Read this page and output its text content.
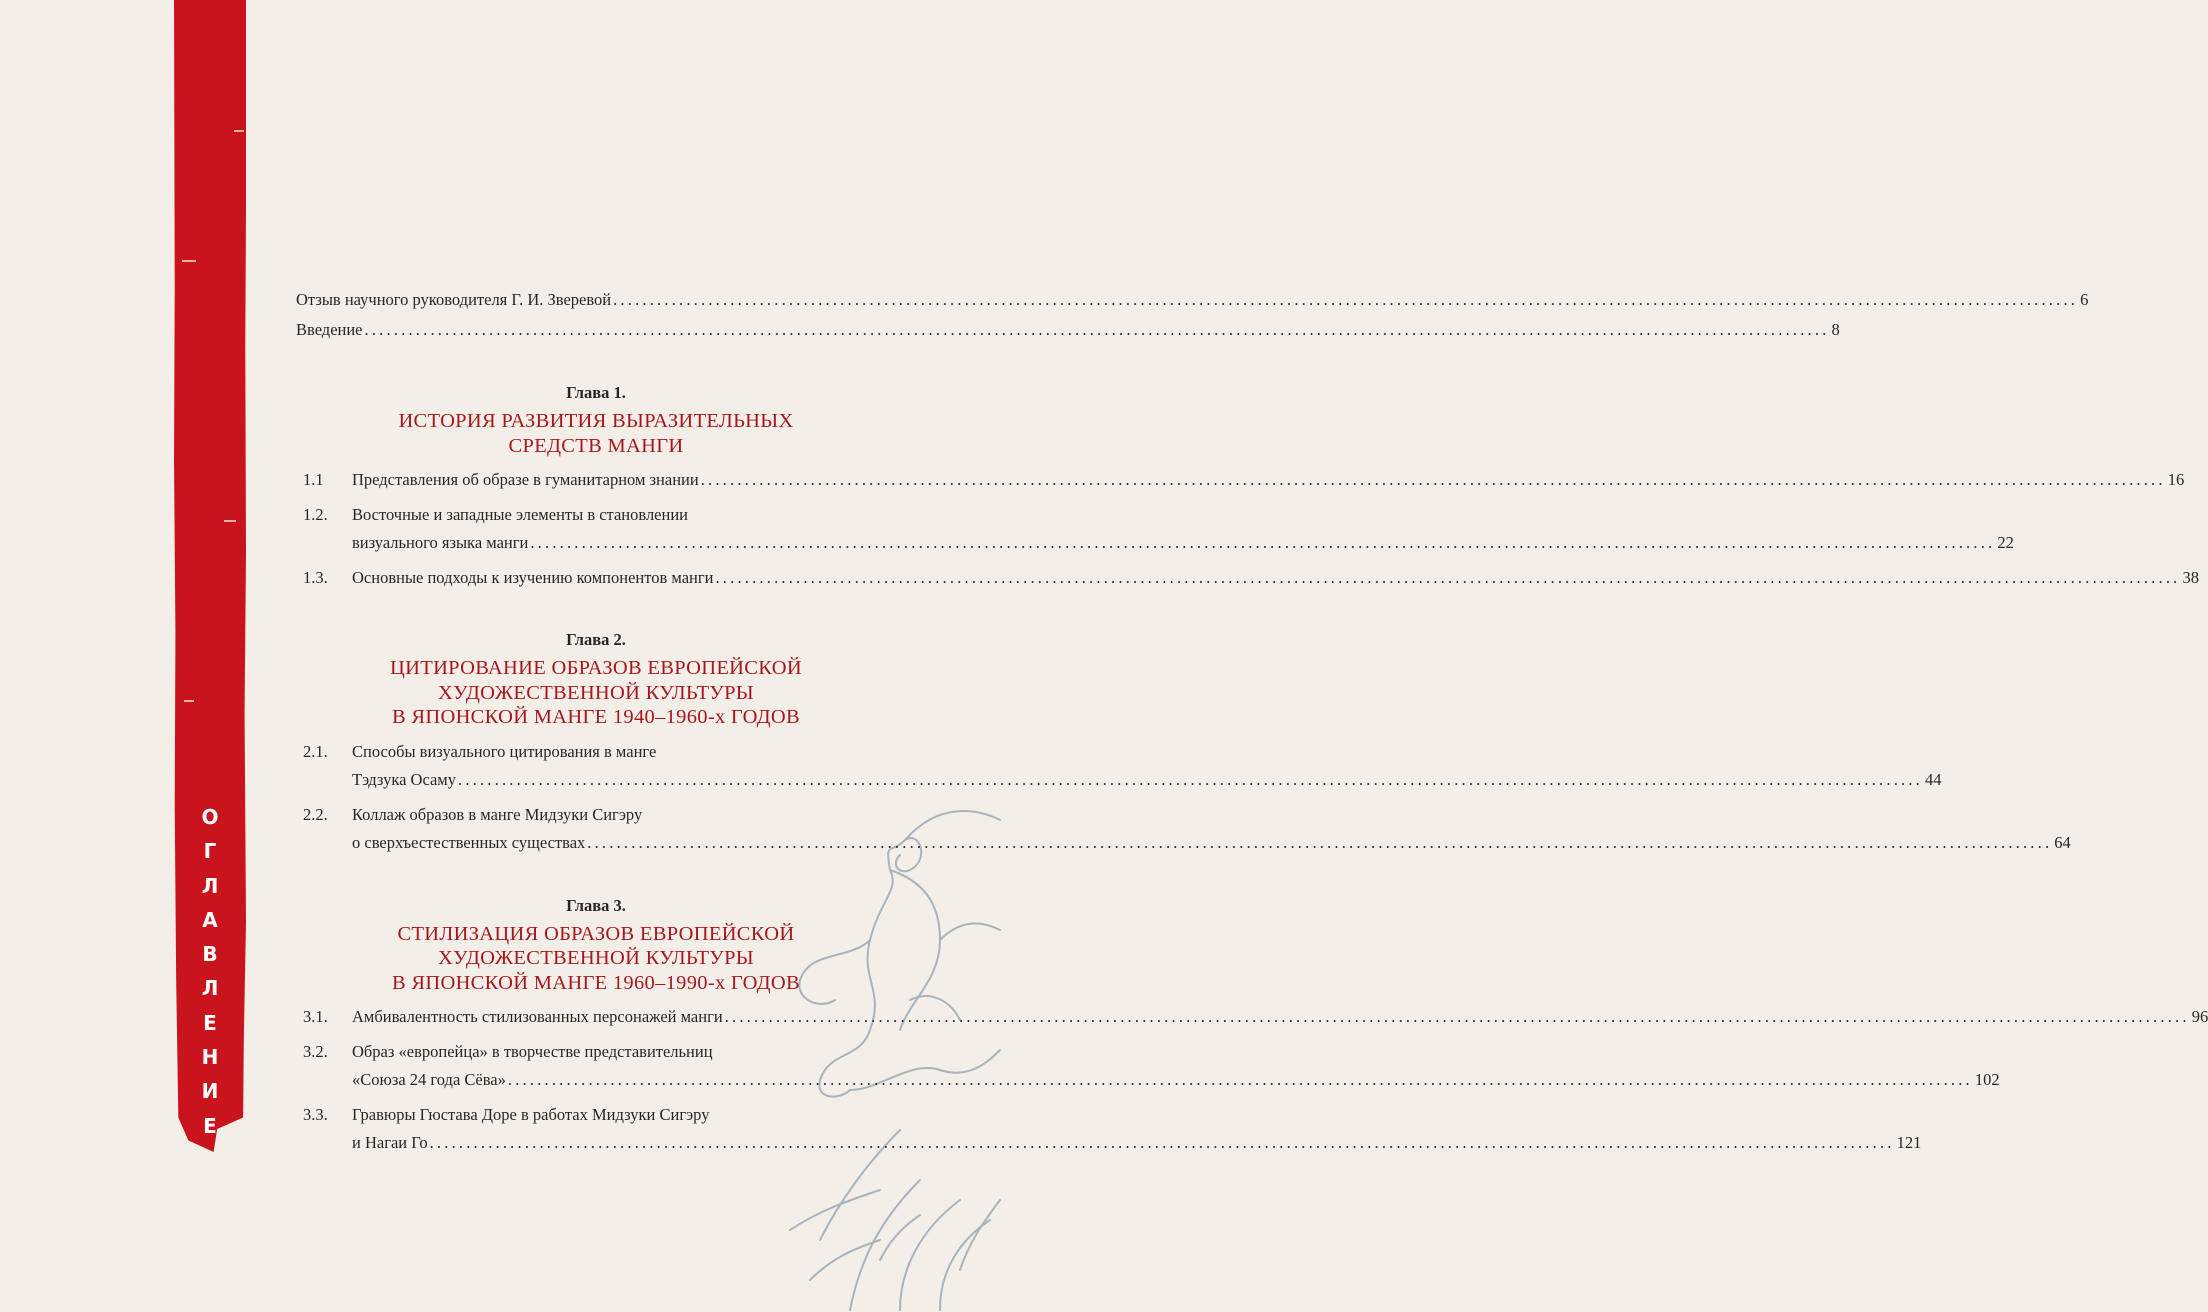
О
Г
Л
А
В
Л
Е
Н
И
Е
Отзыв научного руководителя Г. И. Зверевой ........................................................................................................................................................................................................ 6
Введение ........................................................................................................................................................................................................ 8
Глава 1.
ИСТОРИЯ РАЗВИТИЯ ВЫРАЗИТЕЛЬНЫХ
СРЕДСТВ МАНГИ
1.1	Представления об образе в гуманитарном знании ........................................................................................................................................................................................................ 16
1.2.	Восточные и западные элементы в становлении
визуального языка манги ........................................................................................................................................................................................................ 22
1.3.	Основные подходы к изучению компонентов манги ........................................................................................................................................................................................................ 38
Глава 2.
ЦИТИРОВАНИЕ ОБРАЗОВ ЕВРОПЕЙСКОЙ
ХУДОЖЕСТВЕННОЙ КУЛЬТУРЫ
В ЯПОНСКОЙ МАНГЕ 1940–1960-х ГОДОВ
2.1.	Способы визуального цитирования в манге
Тэдзука Осаму ........................................................................................................................................................................................................ 44
2.2.	Коллаж образов в манге Мидзуки Сигэру
о сверхъестественных существах ........................................................................................................................................................................................................ 64
Глава 3.
СТИЛИЗАЦИЯ ОБРАЗОВ ЕВРОПЕЙСКОЙ
ХУДОЖЕСТВЕННОЙ КУЛЬТУРЫ
В ЯПОНСКОЙ МАНГЕ 1960–1990-х ГОДОВ
3.1.	Амбивалентность стилизованных персонажей манги ........................................................................................................................................................................................................ 96
3.2.	Образ «европейца» в творчестве представительниц
«Союза 24 года Сёва» ........................................................................................................................................................................................................ 102
3.3.	Гравюры Гюстава Доре в работах Мидзуки Сигэру
и Нагаи Го ........................................................................................................................................................................................................ 121
